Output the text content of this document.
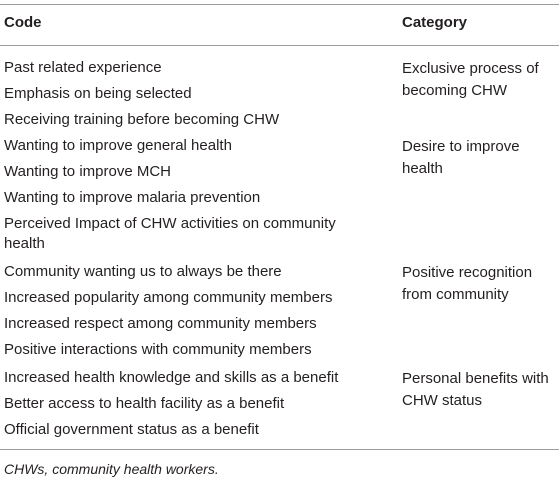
Code	Category
Past related experience
Emphasis on being selected
Receiving training before becoming CHW
Exclusive process of becoming CHW
Wanting to improve general health
Wanting to improve MCH
Wanting to improve malaria prevention
Perceived Impact of CHW activities on community health
Desire to improve health
Community wanting us to always be there
Increased popularity among community members
Increased respect among community members
Positive interactions with community members
Positive recognition from community
Increased health knowledge and skills as a benefit
Better access to health facility as a benefit
Official government status as a benefit
Personal benefits with CHW status
CHWs, community health workers.
